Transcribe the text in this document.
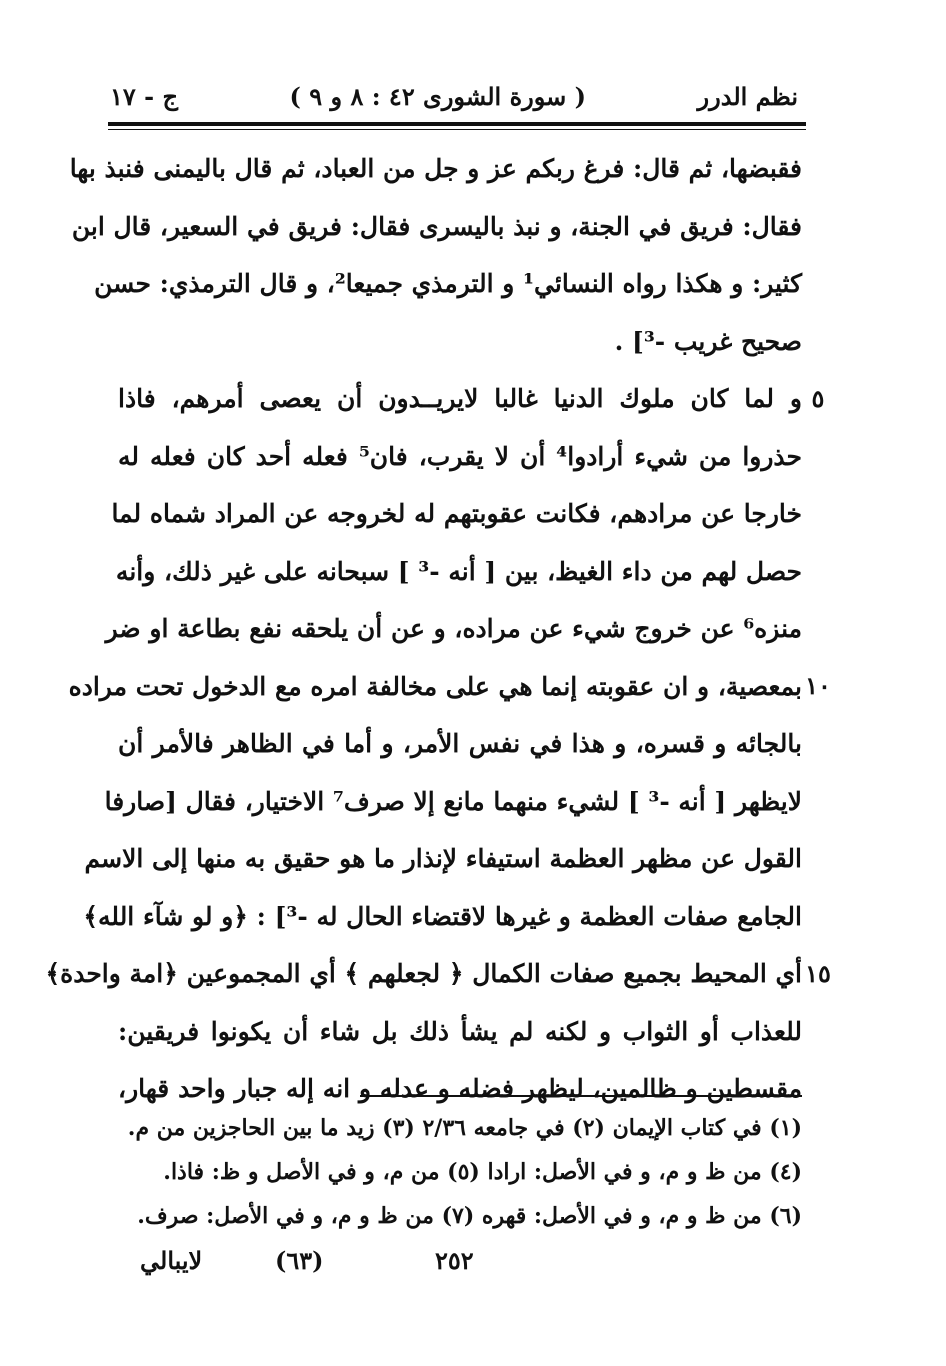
نظم الدرر
( سورة الشورى ٤٢ : ٨ و ٩ )
ج - ١٧
فقبضها، ثم قال: فرغ ربكم عز و جل من العباد، ثم قال باليمنى فنبذ بها
فقال: فريق في الجنة، و نبذ باليسرى فقال: فريق في السعير، قال ابن
كثير: و هكذا رواه النسائي¹ و الترمذي جميعا²، و قال الترمذي: حسن
صحيح غريب -³] .
و لما كان ملوك الدنيا غالبا لايريــدون أن يعصى أمرهم، فاذا
حذروا من شيء أرادوا⁴ أن لا يقرب، فان⁵ فعله أحد كان فعله له
خارجا عن مرادهم، فكانت عقوبتهم له لخروجه عن المراد شماه لما
حصل لهم من داء الغيظ، بين [ أنه -³ ] سبحانه على غير ذلك، وأنه
منزه⁶ عن خروج شيء عن مراده، و عن أن يلحقه نفع بطاعة او ضر
بمعصية، و ان عقوبته إنما هي على مخالفة امره مع الدخول تحت مراده
بالجائه و قسره، و هذا في نفس الأمر، و أما في الظاهر فالأمر أن
لايظهر [ أنه -³ ] لشيء منهما مانع إلا صرف⁷ الاختيار، فقال [صارفا
القول عن مظهر العظمة استيفاء لإنذار ما هو حقيق به منها إلى الاسم
الجامع صفات العظمة و غيرها لاقتضاء الحال له -³] : ﴿و لو شآء الله﴾
أي المحيط بجميع صفات الكمال ﴿ لجعلهم ﴾ أي المجموعين ﴿امة واحدة﴾
للعذاب أو الثواب و لكنه لم يشأ ذلك بل شاء أن يكونوا فريقين:
مقسطين و ظالمين، ليظهر فضله و عدله و انه إله جبار واحد قهار،
٥
١٠
١٥
(١) في كتاب الإيمان (٢) في جامعه ٢/٣٦ (٣) زيد ما بين الحاجزين من م.
(٤) من ظ و م، و في الأصل: ارادا (٥) من م، و في الأصل و ظ: فاذا.
(٦) من ظ و م، و في الأصل: قهره (٧) من ظ و م، و في الأصل: صرف.
لايبالي	(٦٣)	٢٥٢
